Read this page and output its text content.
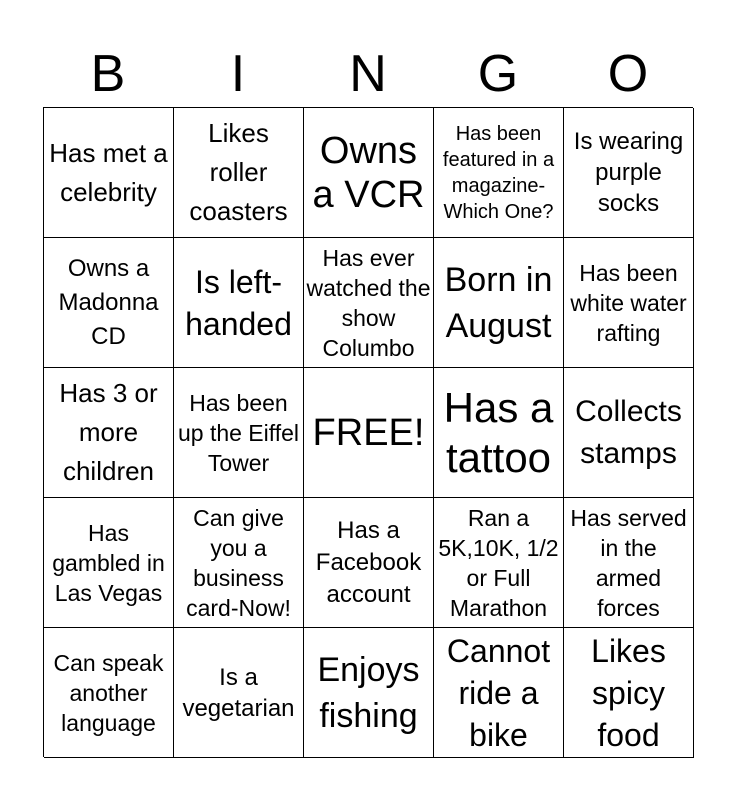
B	I	N	G	O
Has met a celebrity
Likes roller coasters
Owns a VCR
Has been featured in a magazine-Which One?
Is wearing purple socks
Owns a Madonna CD
Is left-handed
Has ever watched the show Columbo
Born in August
Has been white water rafting
Has 3 or more children
Has been up the Eiffel Tower
FREE!
Has a tattoo
Collects stamps
Has gambled in Las Vegas
Can give you a business card-Now!
Has a Facebook account
Ran a 5K,10K, 1/2 or Full Marathon
Has served in the armed forces
Can speak another language
Is a vegetarian
Enjoys fishing
Cannot ride a bike
Likes spicy food
